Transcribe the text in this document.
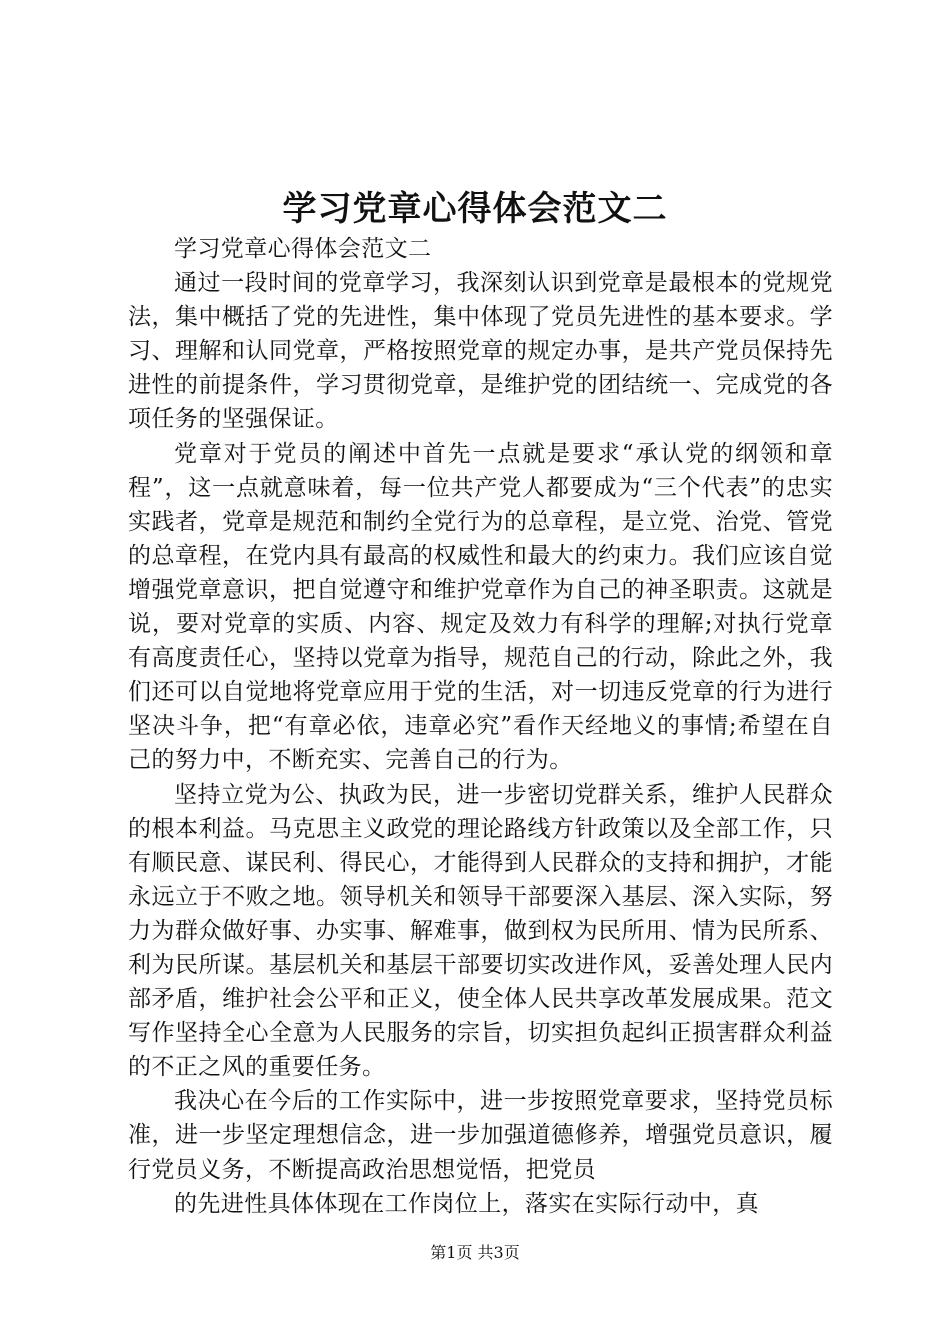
学习党章心得体会范文二

学习党章心得体会范文二

通过一段时间的党章学习，我深刻认识到党章是最根本的党规党法，集中概括了党的先进性，集中体现了党员先进性的基本要求。学习、理解和认同党章，严格按照党章的规定办事，是共产党员保持先进性的前提条件，学习贯彻党章，是维护党的团结统一、完成党的各项任务的坚强保证。

党章对于党员的阐述中首先一点就是要求“承认党的纲领和章程”，这一点就意味着，每一位共产党人都要成为“三个代表”的忠实实践者，党章是规范和制约全党行为的总章程，是立党、治党、管党的总章程，在党内具有最高的权威性和最大的约束力。我们应该自觉增强党章意识，把自觉遵守和维护党章作为自己的神圣职责。这就是说，要对党章的实质、内容、规定及效力有科学的理解;对执行党章有高度责任心，坚持以党章为指导，规范自己的行动，除此之外，我们还可以自觉地将党章应用于党的生活，对一切违反党章的行为进行坚决斗争，把“有章必依，违章必究”看作天经地义的事情;希望在自己的努力中，不断充实、完善自己的行为。

坚持立党为公、执政为民，进一步密切党群关系，维护人民群众的根本利益。马克思主义政党的理论路线方针政策以及全部工作，只有顺民意、谋民利、得民心，才能得到人民群众的支持和拥护，才能永远立于不败之地。领导机关和领导干部要深入基层、深入实际，努力为群众做好事、办实事、解难事，做到权为民所用、情为民所系、利为民所谋。基层机关和基层干部要切实改进作风，妥善处理人民内部矛盾，维护社会公平和正义，使全体人民共享改革发展成果。范文写作坚持全心全意为人民服务的宗旨，切实担负起纠正损害群众利益的不正之风的重要任务。

我决心在今后的工作实际中，进一步按照党章要求，坚持党员标准，进一步坚定理想信念，进一步加强道德修养，增强党员意识，履行党员义务，不断提高政治思想觉悟，把党员

的先进性具体体现在工作岗位上，落实在实际行动中，真

第1页 共3页
